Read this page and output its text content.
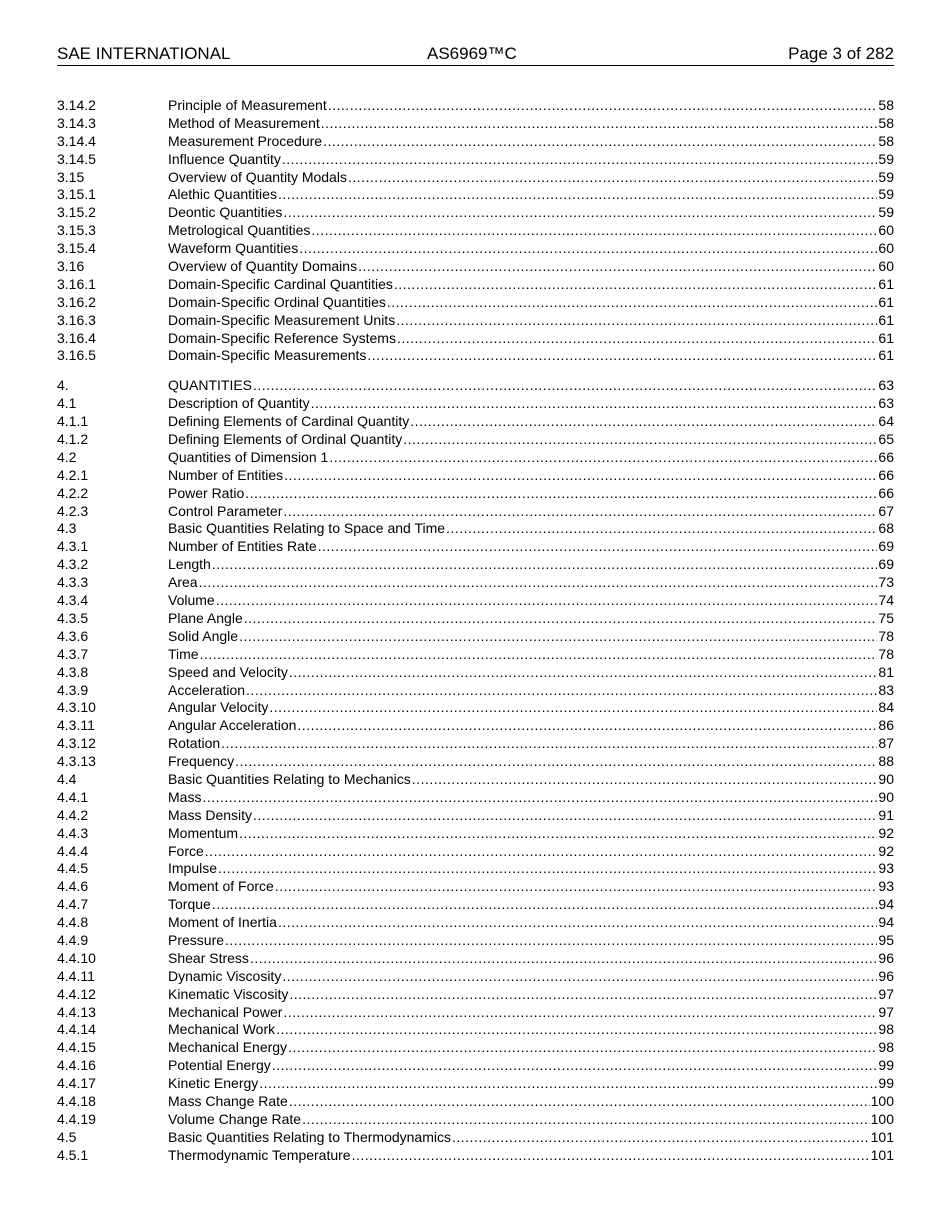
SAE INTERNATIONAL	AS6969™C	Page 3 of 282
3.14.2	Principle of Measurement .....	58
3.14.3	Method of Measurement .....	58
3.14.4	Measurement Procedure .....	58
3.14.5	Influence Quantity .....	59
3.15	Overview of Quantity Modals .....	59
3.15.1	Alethic Quantities .....	59
3.15.2	Deontic Quantities .....	59
3.15.3	Metrological Quantities .....	60
3.15.4	Waveform Quantities .....	60
3.16	Overview of Quantity Domains .....	60
3.16.1	Domain-Specific Cardinal Quantities .....	61
3.16.2	Domain-Specific Ordinal Quantities .....	61
3.16.3	Domain-Specific Measurement Units .....	61
3.16.4	Domain-Specific Reference Systems .....	61
3.16.5	Domain-Specific Measurements .....	61
4.	QUANTITIES .....	63
4.1	Description of Quantity .....	63
4.1.1	Defining Elements of Cardinal Quantity .....	64
4.1.2	Defining Elements of Ordinal Quantity .....	65
4.2	Quantities of Dimension 1 .....	66
4.2.1	Number of Entities .....	66
4.2.2	Power Ratio .....	66
4.2.3	Control Parameter .....	67
4.3	Basic Quantities Relating to Space and Time .....	68
4.3.1	Number of Entities Rate .....	69
4.3.2	Length .....	69
4.3.3	Area .....	73
4.3.4	Volume .....	74
4.3.5	Plane Angle .....	75
4.3.6	Solid Angle .....	78
4.3.7	Time .....	78
4.3.8	Speed and Velocity .....	81
4.3.9	Acceleration .....	83
4.3.10	Angular Velocity .....	84
4.3.11	Angular Acceleration .....	86
4.3.12	Rotation .....	87
4.3.13	Frequency .....	88
4.4	Basic Quantities Relating to Mechanics .....	90
4.4.1	Mass .....	90
4.4.2	Mass Density .....	91
4.4.3	Momentum .....	92
4.4.4	Force .....	92
4.4.5	Impulse .....	93
4.4.6	Moment of Force .....	93
4.4.7	Torque .....	94
4.4.8	Moment of Inertia .....	94
4.4.9	Pressure .....	95
4.4.10	Shear Stress .....	96
4.4.11	Dynamic Viscosity .....	96
4.4.12	Kinematic Viscosity .....	97
4.4.13	Mechanical Power .....	97
4.4.14	Mechanical Work .....	98
4.4.15	Mechanical Energy .....	98
4.4.16	Potential Energy .....	99
4.4.17	Kinetic Energy .....	99
4.4.18	Mass Change Rate .....	100
4.4.19	Volume Change Rate .....	100
4.5	Basic Quantities Relating to Thermodynamics .....	101
4.5.1	Thermodynamic Temperature .....	101
